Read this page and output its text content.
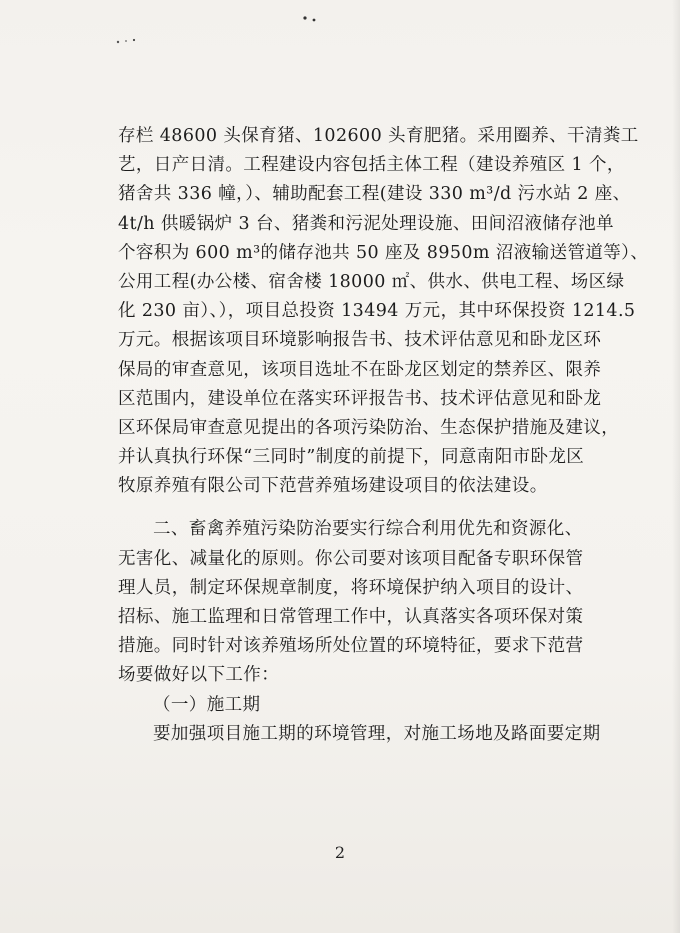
存栏 48600 头保育猪、102600 头育肥猪。采用圈养、干清粪工
艺，日产日清。工程建设内容包括主体工程（建设养殖区 1 个，
猪舍共 336 幢，）、辅助配套工程(建设 330 m³/d 污水站 2 座、
4t/h 供暖锅炉 3 台、猪粪和污泥处理设施、田间沼液储存池单
个容积为 600 m³的储存池共 50 座及 8950m 沼液输送管道等）、
公用工程(办公楼、宿舍楼 18000 ㎡、供水、供电工程、场区绿
化 230 亩）、），项目总投资 13494 万元，其中环保投资 1214.5
万元。根据该项目环境影响报告书、技术评估意见和卧龙区环
保局的审查意见，该项目选址不在卧龙区划定的禁养区、限养
区范围内，建设单位在落实环评报告书、技术评估意见和卧龙
区环保局审查意见提出的各项污染防治、生态保护措施及建议，
并认真执行环保“三同时”制度的前提下，同意南阳市卧龙区
牧原养殖有限公司下范营养殖场建设项目的依法建设。
二、畜禽养殖污染防治要实行综合利用优先和资源化、
无害化、减量化的原则。你公司要对该项目配备专职环保管
理人员，制定环保规章制度，将环境保护纳入项目的设计、
招标、施工监理和日常管理工作中，认真落实各项环保对策
措施。同时针对该养殖场所处位置的环境特征，要求下范营
场要做好以下工作：
（一）施工期
要加强项目施工期的环境管理，对施工场地及路面要定期
2
